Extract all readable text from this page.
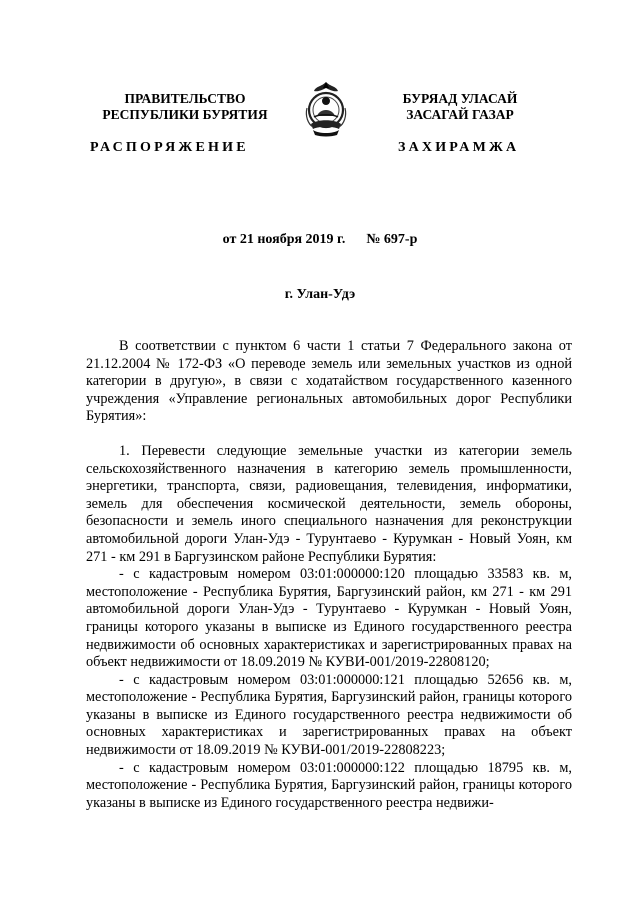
ПРАВИТЕЛЬСТВО
РЕСПУБЛИКИ БУРЯТИЯ
БУРЯАД УЛАСАЙ
ЗАСАГАЙ ГАЗАР
РАСПОРЯЖЕНИЕ	ЗАХИРАМЖА
от 21 ноября 2019 г. № 697-р
г. Улан-Удэ

В соответствии с пунктом 6 части 1 статьи 7 Федерального закона от 21.12.2004 № 172-ФЗ «О переводе земель или земельных участков из одной категории в другую», в связи с ходатайством государственного казенного учреждения «Управление региональных автомобильных дорог Республики Бурятия»:

1. Перевести следующие земельные участки из категории земель сельскохозяйственного назначения в категорию земель промышленности, энергетики, транспорта, связи, радиовещания, телевидения, информатики, земель для обеспечения космической деятельности, земель обороны, безопасности и земель иного специального назначения для реконструкции автомобильной дороги Улан-Удэ - Турунтаево - Курумкан - Новый Уоян, км 271 - км 291 в Баргузинском районе Республики Бурятия:

- с кадастровым номером 03:01:000000:120 площадью 33583 кв. м, местоположение - Республика Бурятия, Баргузинский район, км 271 - км 291 автомобильной дороги Улан-Удэ - Турунтаево - Курумкан - Новый Уоян, границы которого указаны в выписке из Единого государственного реестра недвижимости об основных характеристиках и зарегистрированных правах на объект недвижимости от 18.09.2019 № КУВИ-001/2019-22808120;

- с кадастровым номером 03:01:000000:121 площадью 52656 кв. м, местоположение - Республика Бурятия, Баргузинский район, границы которого указаны в выписке из Единого государственного реестра недвижимости об основных характеристиках и зарегистрированных правах на объект недвижимости от 18.09.2019 № КУВИ-001/2019-22808223;

- с кадастровым номером 03:01:000000:122 площадью 18795 кв. м, местоположение - Республика Бурятия, Баргузинский район, границы которого указаны в выписке из Единого государственного реестра недвижи-
